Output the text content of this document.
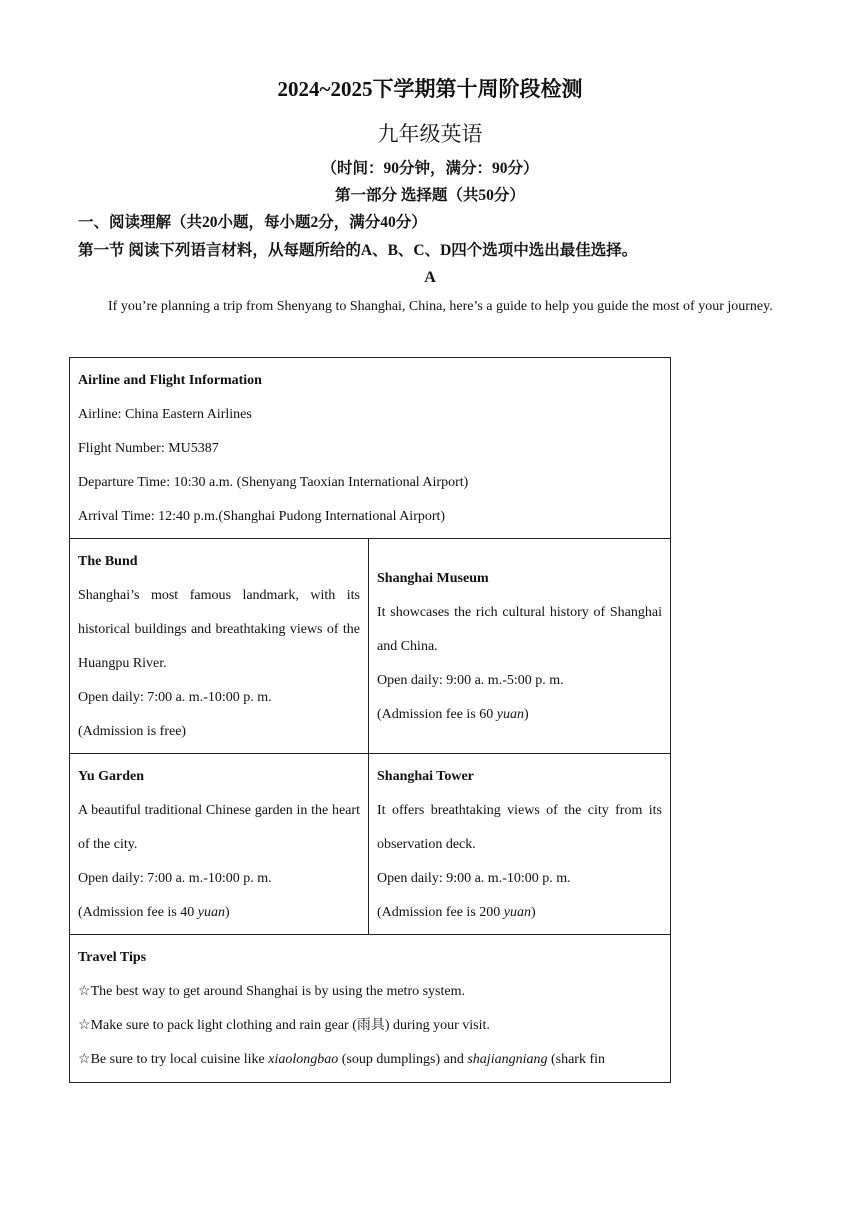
2024~2025下学期第十周阶段检测
九年级英语
（时间：90分钟，满分：90分）
第一部分 选择题（共50分）
一、阅读理解（共20小题，每小题2分，满分40分）
第一节 阅读下列语言材料，从每题所给的A、B、C、D四个选项中选出最佳选择。
A

If you’re planning a trip from Shenyang to Shanghai, China, here’s a guide to help you guide the most of your journey.

Airline and Flight Information

Airline: China Eastern Airlines

Flight Number: MU5387

Departure Time: 10:30 a.m. (Shenyang Taoxian International Airport)

Arrival Time: 12:40 p.m.(Shanghai Pudong International Airport)

The Bund

Shanghai’s most famous landmark, with its historical buildings and breathtaking views of the Huangpu River.

Open daily: 7:00 a. m.-10:00 p. m.

(Admission is free)

Shanghai Museum

It showcases the rich cultural history of Shanghai and China.

Open daily: 9:00 a. m.-5:00 p. m.

(Admission fee is 60 yuan)

Yu Garden

A beautiful traditional Chinese garden in the heart of the city.

Open daily: 7:00 a. m.-10:00 p. m.

(Admission fee is 40 yuan)

Shanghai Tower

It offers breathtaking views of the city from its observation deck.

Open daily: 9:00 a. m.-10:00 p. m.

(Admission fee is 200 yuan)

Travel Tips

☆The best way to get around Shanghai is by using the metro system.

☆Make sure to pack light clothing and rain gear (雨具) during your visit.

☆Be sure to try local cuisine like xiaolongbao (soup dumplings) and shajiangniang (shark fin
